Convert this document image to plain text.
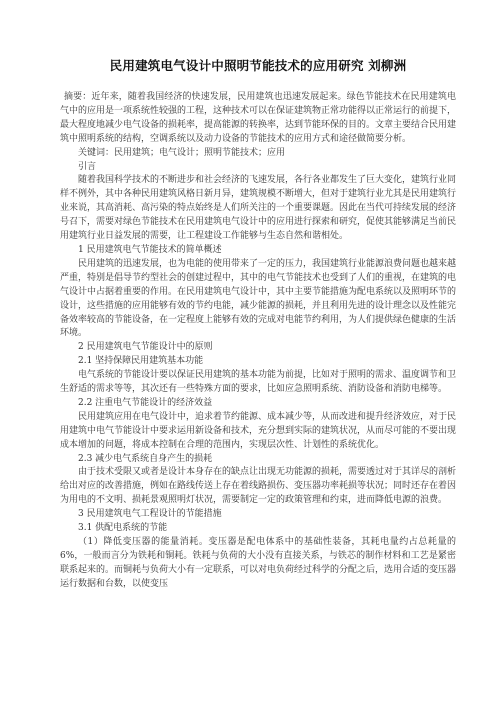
民用建筑电气设计中照明节能技术的应用研究 刘柳洲

摘要：近年来，随着我国经济的快速发展，民用建筑也迅速发展起来。绿色节能技术在民用建筑电气中的应用是一项系统性较强的工程，这种技术可以在保证建筑物正常功能得以正常运行的前提下，最大程度地减少电气设备的损耗率，提高能源的转换率，达到节能环保的目的。文章主要结合民用建筑中照明系统的结构，空调系统以及动力设备的节能技术的应用方式和途径做简要分析。

关键词：民用建筑；电气设计；照明节能技术；应用
引言

随着我国科学技术的不断进步和社会经济的飞速发展，各行各业都发生了巨大变化，建筑行业同样不例外，其中各种民用建筑风格日新月异，建筑规模不断增大，但对于建筑行业尤其是民用建筑行业来说，其高消耗、高污染的特点始终是人们所关注的一个重要课题。因此在当代可持续发展的经济号召下，需要对绿色节能技术在民用建筑电气设计中的应用进行探索和研究，促使其能够满足当前民用建筑行业日益发展的需要，让工程建设工作能够与生态自然和谐相处。

1 民用建筑电气节能技术的简单概述

民用建筑的迅速发展，也为电能的使用带来了一定的压力，我国建筑行业能源浪费问题也越来越严重，特别是倡导节约型社会的创建过程中，其中的电气节能技术也受到了人们的重视，在建筑的电气设计中占据着重要的作用。在民用建筑电气设计中，其中主要节能措施为配电系统以及照明环节的设计，这些措施的应用能够有效的节约电能，减少能源的损耗，并且利用先进的设计理念以及性能完备效率较高的节能设备，在一定程度上能够有效的完成对电能节约利用，为人们提供绿色健康的生活环境。

2 民用建筑电气节能设计中的原则
2.1 坚持保障民用建筑基本功能

电气系统的节能设计要以保证民用建筑的基本功能为前提，比如对于照明的需求、温度调节和卫生舒适的需求等等，其次还有一些特殊方面的要求，比如应急照明系统、消防设备和消防电梯等。

2.2 注重电气节能设计的经济效益

民用建筑应用在电气设计中，追求着节约能源、成本减少等，从而改进和提升经济效应，对于民用建筑中电气节能设计中要求运用新设备和技术，充分想到实际的建筑状况，从而尽可能的不要出现成本增加的问题，将成本控制在合理的范围内，实现层次性、计划性的系统优化。

2.3 减少电气系统自身产生的损耗

由于技术受限又或者是设计本身存在的缺点让出现无功能源的损耗，需要透过对于其详尽的剖析给出对应的改善措施，例如在路线传送上存在着线路损伤、变压器功率耗损等状况；同时还存在着因为用电的不文明、损耗景观照明灯状况，需要制定一定的政策管理和约束，进而降低电源的浪费。

3 民用建筑电气工程设计的节能措施
3.1 供配电系统的节能

（1）降低变压器的能量消耗。变压器是配电体系中的基础性装备，其耗电量约占总耗量的 6%，一般而言分为铁耗和铜耗。铁耗与负荷的大小没有直接关系，与铁芯的制作材料和工艺是紧密联系起来的。而铜耗与负荷大小有一定联系，可以对电负荷经过科学的分配之后，选用合适的变压器运行数据和台数，以使变压
